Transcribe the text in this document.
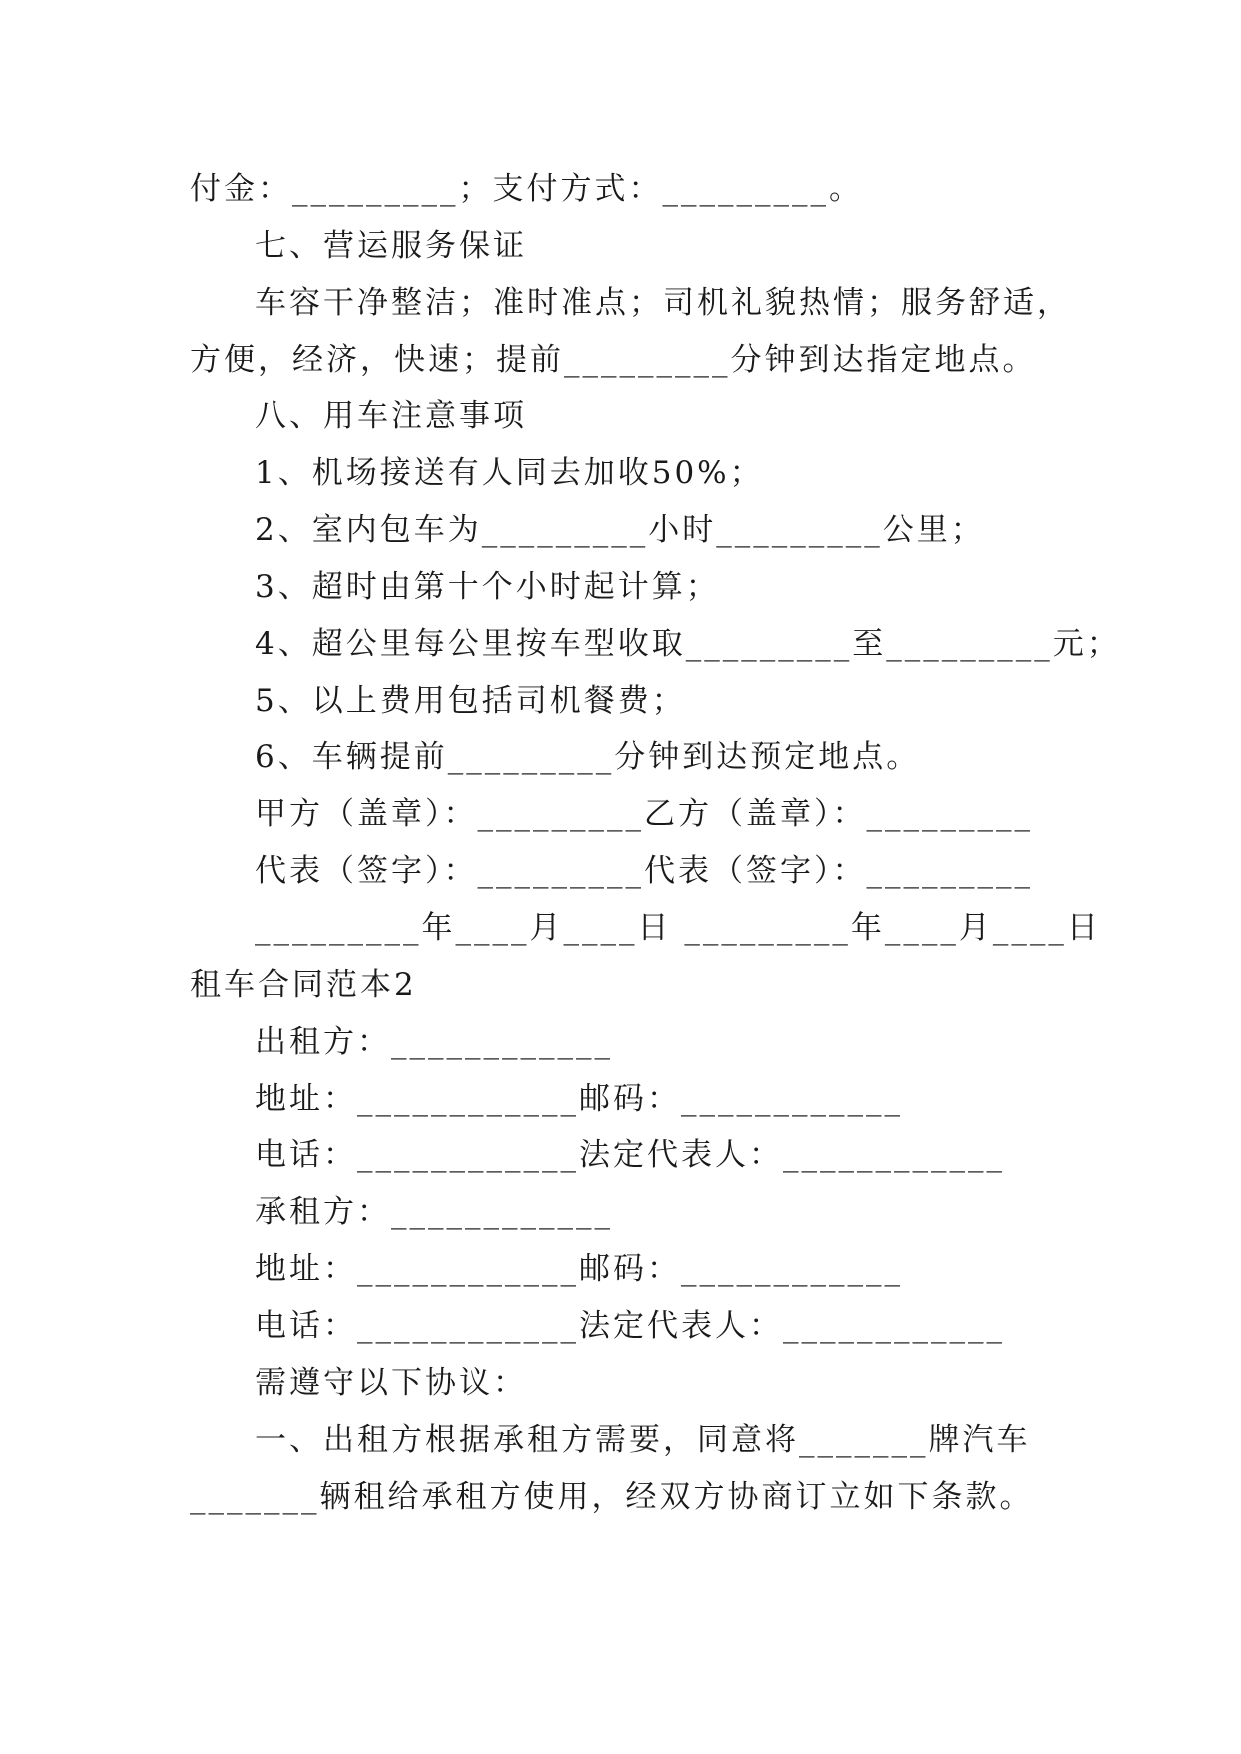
付金：_________；支付方式：_________。
七、营运服务保证
车容干净整洁；准时准点；司机礼貌热情；服务舒适，
方便，经济，快速；提前_________分钟到达指定地点。
八、用车注意事项
1、机场接送有人同去加收50%；
2、室内包车为_________小时_________公里；
3、超时由第十个小时起计算；
4、超公里每公里按车型收取_________至_________元；
5、以上费用包括司机餐费；
6、车辆提前_________分钟到达预定地点。
甲方（盖章）：_________乙方（盖章）：_________
代表（签字）：_________代表（签字）：_________
_________年____月____日 _________年____月____日
租车合同范本2
出租方：____________
地址：____________邮码：____________
电话：____________法定代表人：____________
承租方：____________
地址：____________邮码：____________
电话：____________法定代表人：____________
需遵守以下协议：
一、出租方根据承租方需要，同意将_______牌汽车
_______辆租给承租方使用，经双方协商订立如下条款。
